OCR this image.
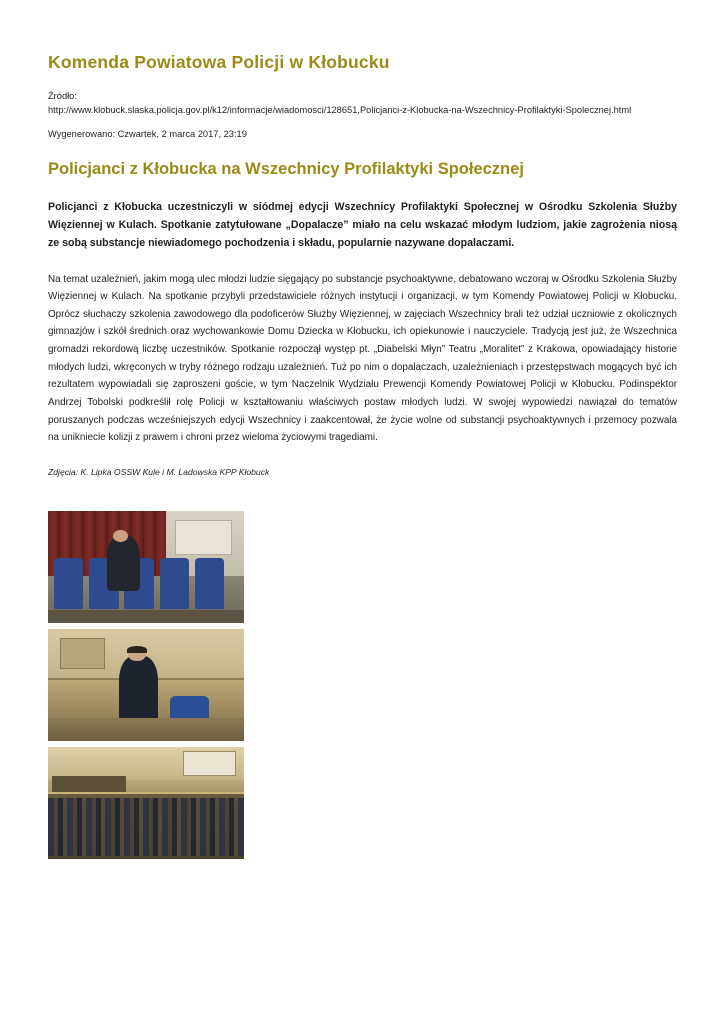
Komenda Powiatowa Policji w Kłobucku
Źródło:
http://www.klobuck.slaska.policja.gov.pl/k12/informacje/wiadomosci/128651,Policjanci-z-Klobucka-na-Wszechnicy-Profilaktyki-Spolecznej.html
Wygenerowano: Czwartek, 2 marca 2017, 23:19
Policjanci z Kłobucka na Wszechnicy Profilaktyki Społecznej

Policjanci z Kłobucka uczestniczyli w siódmej edycji Wszechnicy Profilaktyki Społecznej w Ośrodku Szkolenia Służby Więziennej w Kulach. Spotkanie zatytułowane „Dopalacze” miało na celu wskazać młodym ludziom, jakie zagrożenia niosą ze sobą substancje niewiadomego pochodzenia i składu, popularnie nazywane dopalaczami.

Na temat uzależnień, jakim mogą ulec młodzi ludzie sięgający po substancje psychoaktywne, debatowano wczoraj w Ośrodku Szkolenia Służby Więziennej w Kulach. Na spotkanie przybyli przedstawiciele różnych instytucji i organizacji, w tym Komendy Powiatowej Policji w Kłobucku. Oprócz słuchaczy szkolenia zawodowego dla podoficerów Służby Więziennej, w zajęciach Wszechnicy brali też udział uczniowie z okolicznych gimnazjów i szkół średnich oraz wychowankowie Domu Dziecka w Kłobucku, ich opiekunowie i nauczyciele. Tradycją jest już, że Wszechnica gromadzi rekordową liczbę uczestników. Spotkanie rozpoczął występ pt. „Diabelski Młyn” Teatru „Moralitet” z Krakowa, opowiadający historie młodych ludzi, wkręconych w tryby różnego rodzaju uzależnień. Tuż po nim o dopalaczach, uzależnieniach i przestępstwach mogących być ich rezultatem wypowiadali się zaproszeni goście, w tym Naczelnik Wydziału Prewencji Komendy Powiatowej Policji w Kłobucku. Podinspektor Andrzej Tobolski podkreślił rolę Policji w kształtowaniu właściwych postaw młodych ludzi. W swojej wypowiedzi nawiązał do tematów poruszanych podczas wcześniejszych edycji Wszechnicy i zaakcentował, że życie wolne od substancji psychoaktywnych i przemocy pozwala na unikniecie kolizji z prawem i chroni przez wieloma życiowymi tragediami.

Zdjęcia: K. Lipka OSSW Kule i M. Ladowska KPP Kłobuck
